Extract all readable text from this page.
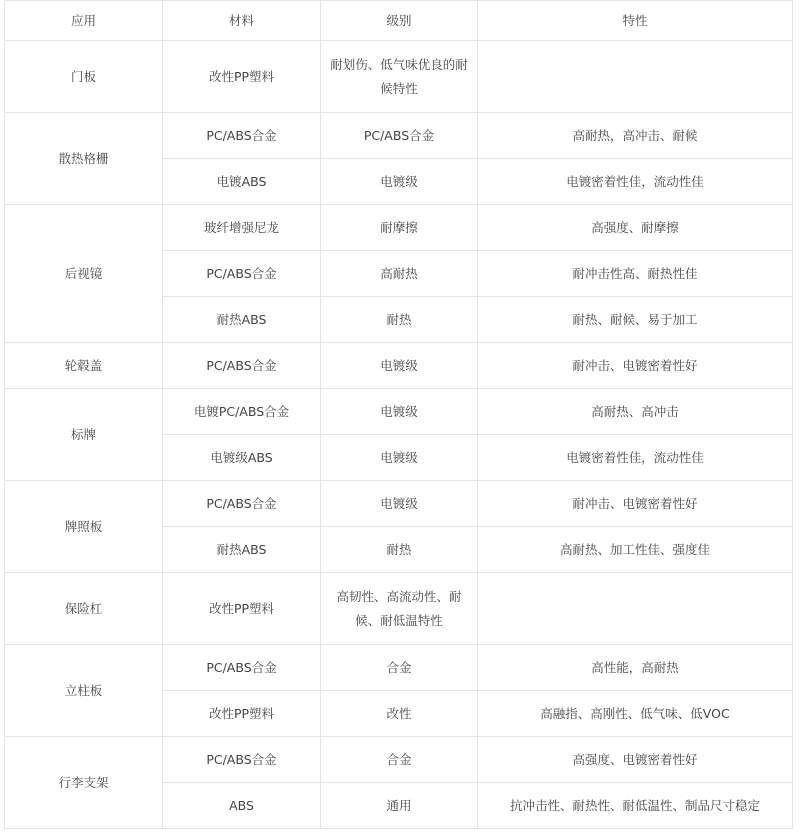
应用	材料	级别	特性
门板	改性PP塑料	耐划伤、低气味优良的耐候特性	
散热格栅	PC/ABS合金	PC/ABS合金	高耐热，高冲击、耐候
	电镀ABS	电镀级	电镀密着性佳，流动性佳
后视镜	玻纤增强尼龙	耐摩擦	高强度、耐摩擦
	PC/ABS合金	高耐热	耐冲击性高、耐热性佳
	耐热ABS	耐热	耐热、耐候、易于加工
轮毂盖	PC/ABS合金	电镀级	耐冲击、电镀密着性好
标牌	电镀PC/ABS合金	电镀级	高耐热、高冲击
	电镀级ABS	电镀级	电镀密着性佳，流动性佳
牌照板	PC/ABS合金	电镀级	耐冲击、电镀密着性好
	耐热ABS	耐热	高耐热、加工性佳、强度佳
保险杠	改性PP塑料	高韧性、高流动性、耐候、耐低温特性	
立柱板	PC/ABS合金	合金	高性能，高耐热
	改性PP塑料	改性	高融指、高刚性、低气味、低VOC
行李支架	PC/ABS合金	合金	高强度、电镀密着性好
	ABS	通用	抗冲击性、耐热性、耐低温性、制品尺寸稳定
